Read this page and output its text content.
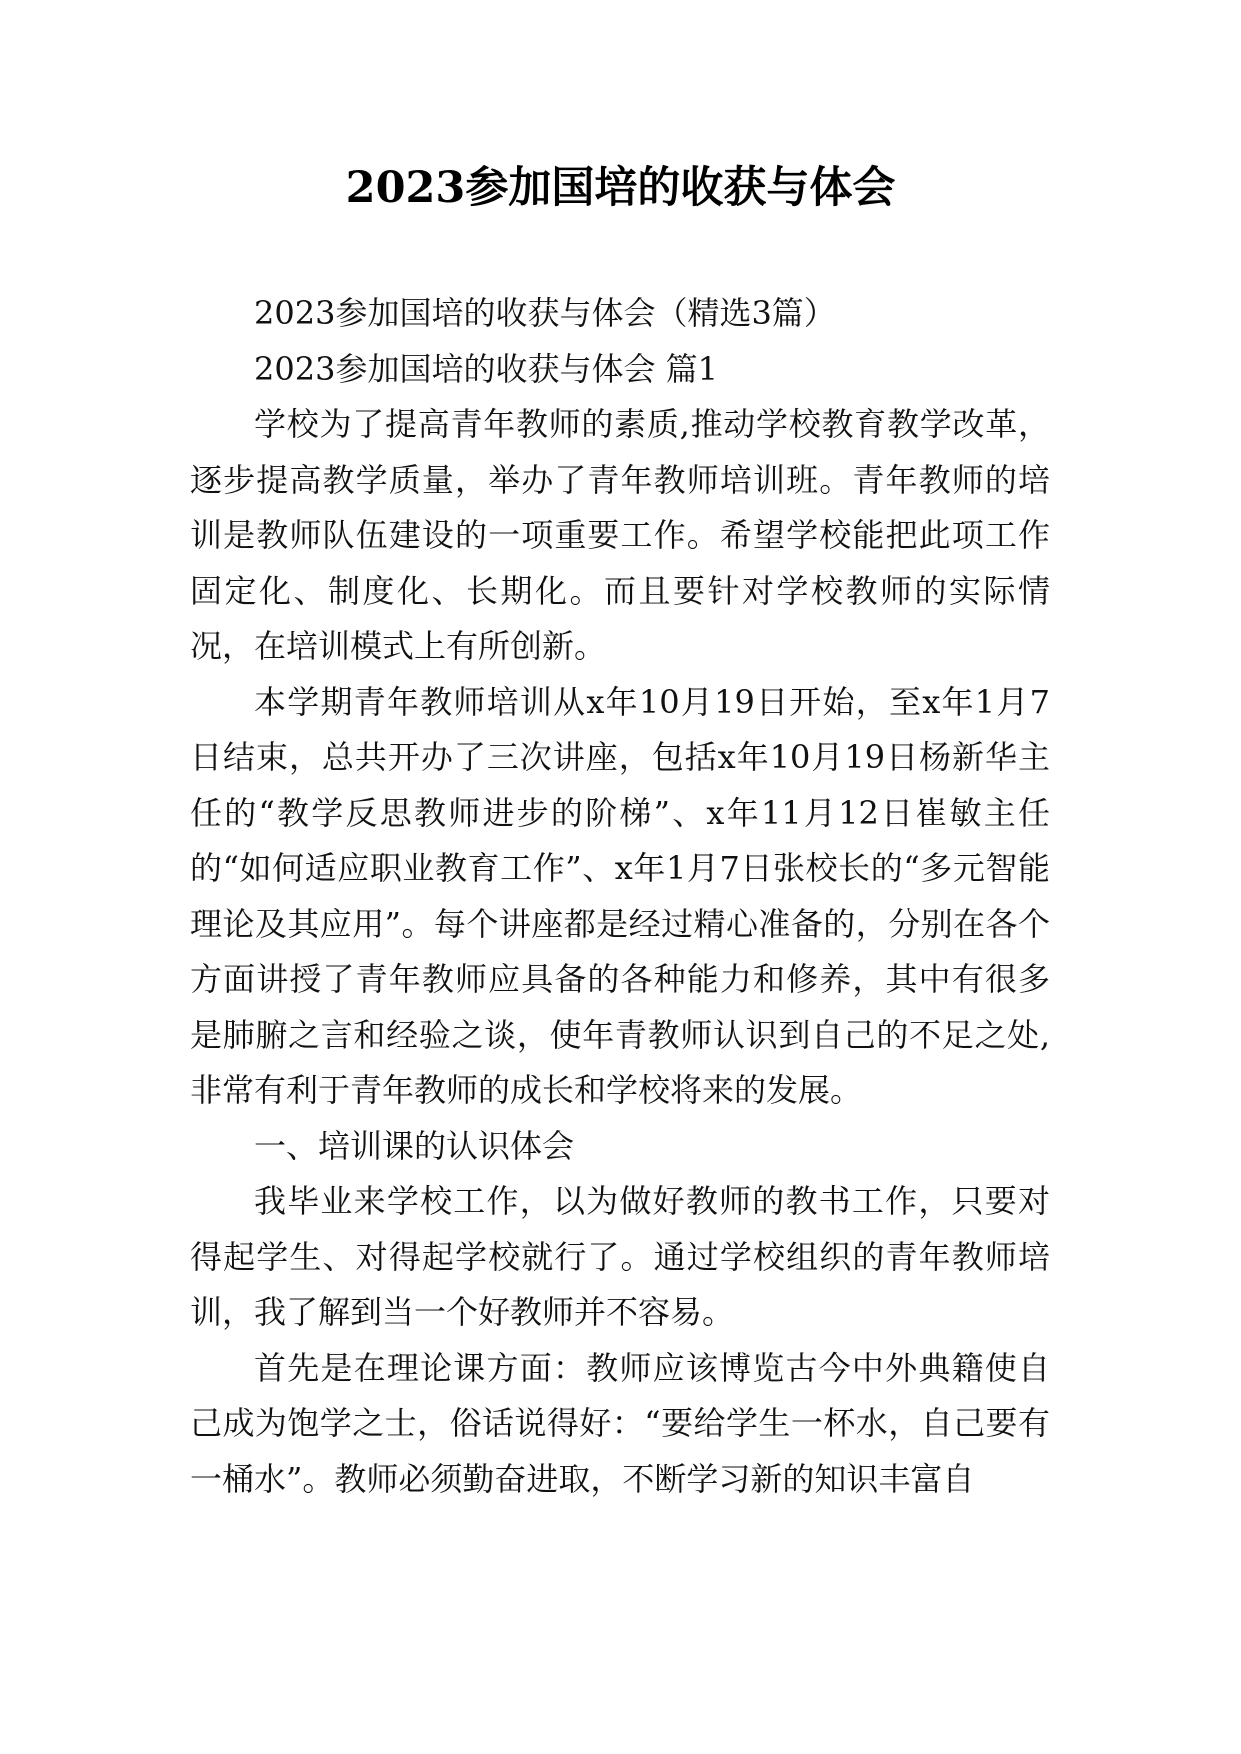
2023参加国培的收获与体会

2023参加国培的收获与体会（精选3篇）

2023参加国培的收获与体会 篇1

学校为了提高青年教师的素质,推动学校教育教学改革，逐步提高教学质量，举办了青年教师培训班。青年教师的培训是教师队伍建设的一项重要工作。希望学校能把此项工作固定化、制度化、长期化。而且要针对学校教师的实际情况，在培训模式上有所创新。

本学期青年教师培训从x年10月19日开始，至x年1月7日结束，总共开办了三次讲座，包括x年10月19日杨新华主任的“教学反思教师进步的阶梯”、x年11月12日崔敏主任的“如何适应职业教育工作”、x年1月7日张校长的“多元智能理论及其应用”。每个讲座都是经过精心准备的，分别在各个方面讲授了青年教师应具备的各种能力和修养，其中有很多是肺腑之言和经验之谈，使年青教师认识到自己的不足之处,非常有利于青年教师的成长和学校将来的发展。

一、培训课的认识体会

我毕业来学校工作，以为做好教师的教书工作，只要对得起学生、对得起学校就行了。通过学校组织的青年教师培训，我了解到当一个好教师并不容易。

首先是在理论课方面：教师应该博览古今中外典籍使自己成为饱学之士，俗话说得好：“要给学生一杯水，自己要有一桶水”。教师必须勤奋进取，不断学习新的知识丰富自
